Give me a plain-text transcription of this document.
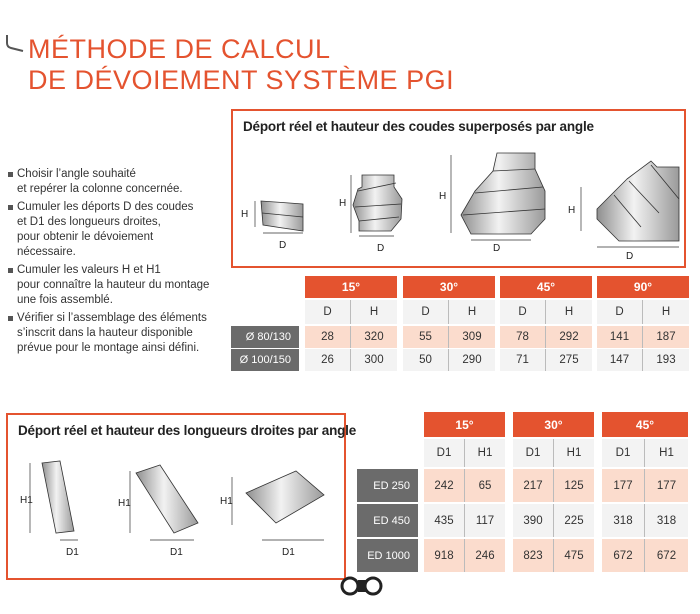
MÉTHODE DE CALCUL
DE DÉVOIEMENT SYSTÈME PGI
Choisir l’angle souhaité
et repérer la colonne concernée.
Cumuler les déports D des coudes
et D1 des longueurs droites,
pour obtenir le dévoiement
nécessaire.
Cumuler les valeurs H et H1
pour connaître la hauteur du montage
une fois assemblé.
Vérifier si l’assemblage des éléments
s’inscrit dans la hauteur disponible
prévue pour le montage ainsi défini.
Déport réel et hauteur des coudes superposés par angle
H
D
H
D
H
D
H
D
15°	30°	45°	90°
D	H	D	H	D	H	D	H
Ø 80/130	28	320	55	309	78	292	141	187
Ø 100/150	26	300	50	290	71	275	147	193
Déport réel et hauteur des longueurs droites par angle
H1
D1
H1
D1
H1
D1
15°	30°	45°
D1	H1	D1	H1	D1	H1
ED 250	242	65	217	125	177	177
ED 450	435	117	390	225	318	318
ED 1000	918	246	823	475	672	672
